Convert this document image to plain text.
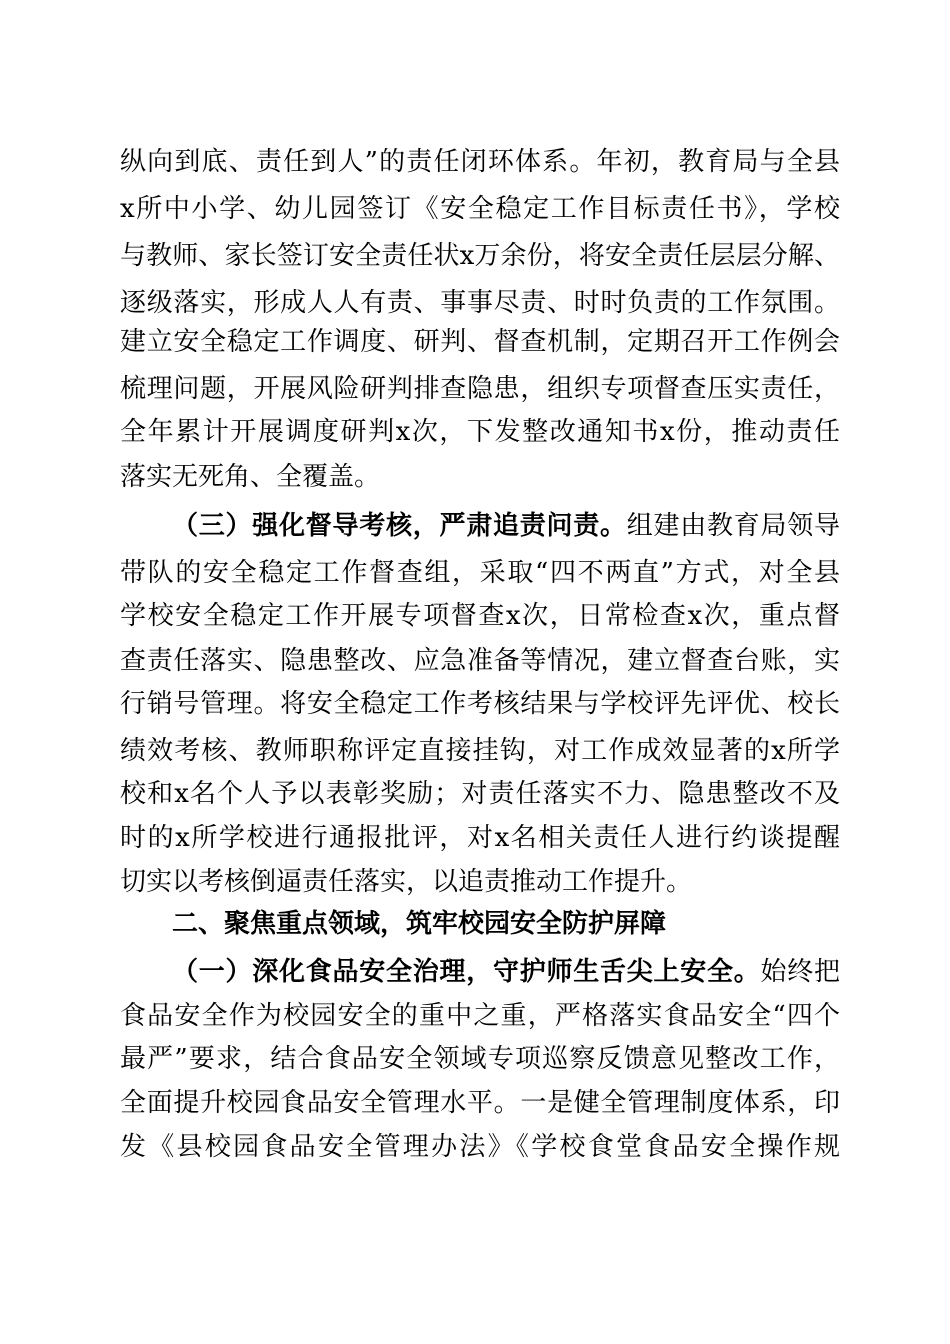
纵向到底、责任到人”的责任闭环体系。年初，教育局与全县
x所中小学、幼儿园签订《安全稳定工作目标责任书》，学校
与教师、家长签订安全责任状x万余份，将安全责任层层分解、
逐级落实，形成人人有责、事事尽责、时时负责的工作氛围。
建立安全稳定工作调度、研判、督查机制，定期召开工作例会
梳理问题，开展风险研判排查隐患，组织专项督查压实责任，
全年累计开展调度研判x次，下发整改通知书x份，推动责任
落实无死角、全覆盖。
（三）强化督导考核，严肃追责问责。组建由教育局领导
带队的安全稳定工作督查组，采取“四不两直”方式，对全县
学校安全稳定工作开展专项督查x次，日常检查x次，重点督
查责任落实、隐患整改、应急准备等情况，建立督查台账，实
行销号管理。将安全稳定工作考核结果与学校评先评优、校长
绩效考核、教师职称评定直接挂钩，对工作成效显著的x所学
校和x名个人予以表彰奖励；对责任落实不力、隐患整改不及
时的x所学校进行通报批评，对x名相关责任人进行约谈提醒
切实以考核倒逼责任落实，以追责推动工作提升。
二、聚焦重点领域，筑牢校园安全防护屏障
（一）深化食品安全治理，守护师生舌尖上安全。始终把
食品安全作为校园安全的重中之重，严格落实食品安全“四个
最严”要求，结合食品安全领域专项巡察反馈意见整改工作，
全面提升校园食品安全管理水平。一是健全管理制度体系，印
发《县校园食品安全管理办法》《学校食堂食品安全操作规
